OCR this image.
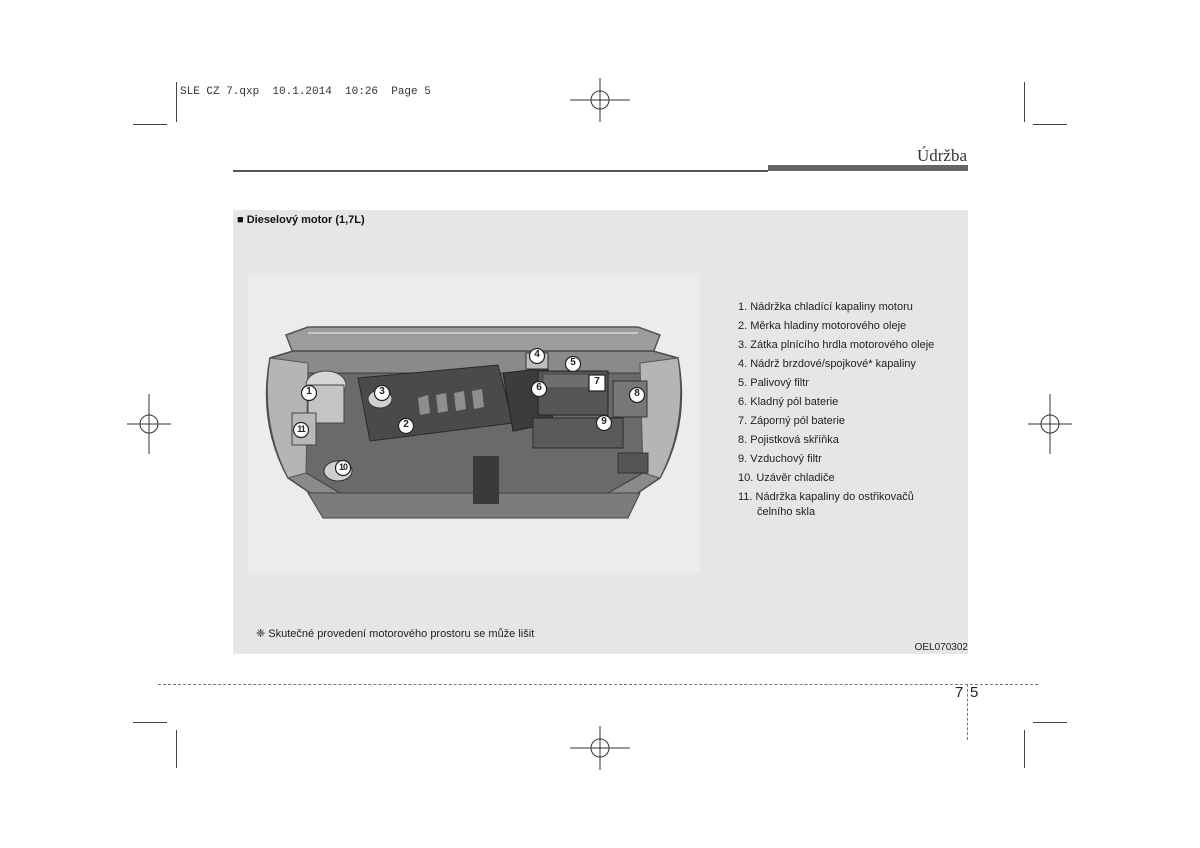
SLE CZ 7.qxp  10.1.2014  10:26  Page 5
Údržba
■ Dieselový motor (1,7L)
1
2
3
4
5
6
7
8
9
10
11
1. Nádržka chladící kapaliny motoru
2. Měrka hladiny motorového oleje
3. Zátka plnícího hrdla motorového oleje
4. Nádrž brzdové/spojkové* kapaliny
5. Palivový filtr
6. Kladný pól baterie
7. Záporný pól baterie
8. Pojistková skříňka
9. Vzduchový filtr
10. Uzávěr chladiče
11. Nádržka kapaliny do ostřikovačů čelního skla
❈ Skutečné provedení motorového prostoru se může lišit
OEL070302
7 5
